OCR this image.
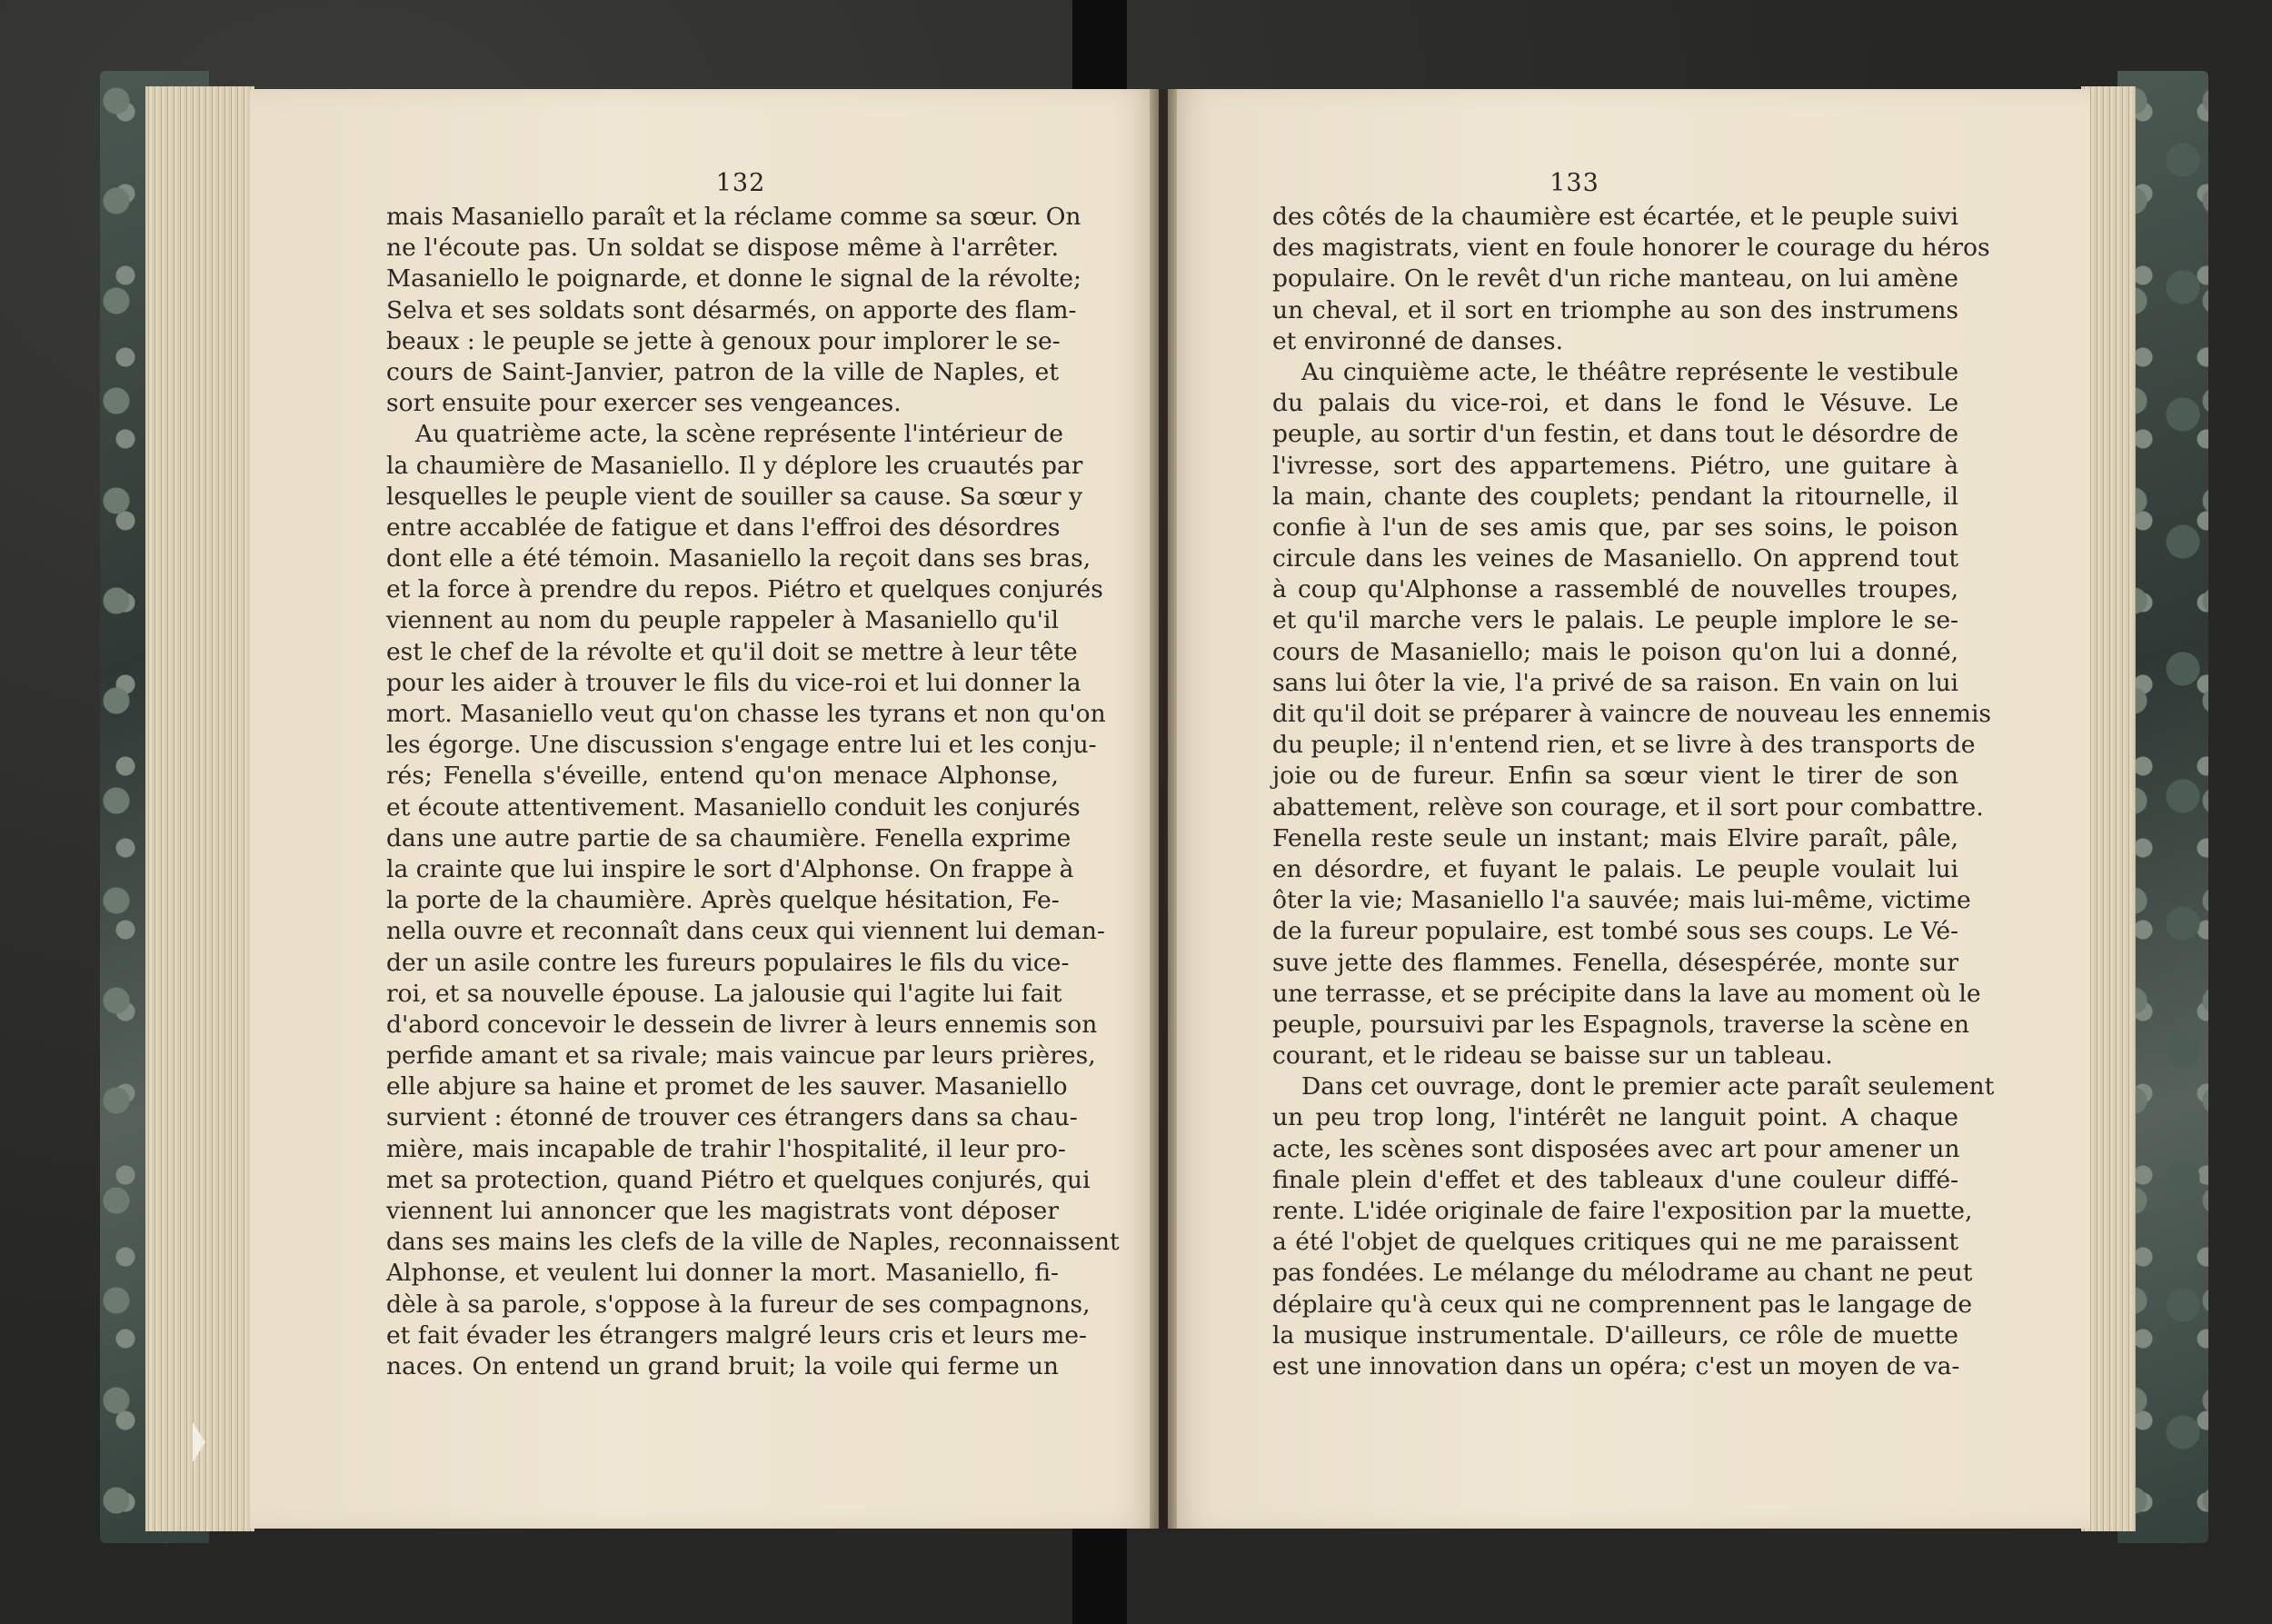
132
mais Masaniello paraît et la réclame comme sa sœur. On
ne l'écoute pas. Un soldat se dispose même à l'arrêter.
Masaniello le poignarde, et donne le signal de la révolte;
Selva et ses soldats sont désarmés, on apporte des flam-
beaux : le peuple se jette à genoux pour implorer le se-
cours de Saint-Janvier, patron de la ville de Naples, et
sort ensuite pour exercer ses vengeances.
Au quatrième acte, la scène représente l'intérieur de
la chaumière de Masaniello. Il y déplore les cruautés par
lesquelles le peuple vient de souiller sa cause. Sa sœur y
entre accablée de fatigue et dans l'effroi des désordres
dont elle a été témoin. Masaniello la reçoit dans ses bras,
et la force à prendre du repos. Piétro et quelques conjurés
viennent au nom du peuple rappeler à Masaniello qu'il
est le chef de la révolte et qu'il doit se mettre à leur tête
pour les aider à trouver le fils du vice-roi et lui donner la
mort. Masaniello veut qu'on chasse les tyrans et non qu'on
les égorge. Une discussion s'engage entre lui et les conju-
rés; Fenella s'éveille, entend qu'on menace Alphonse,
et écoute attentivement. Masaniello conduit les conjurés
dans une autre partie de sa chaumière. Fenella exprime
la crainte que lui inspire le sort d'Alphonse. On frappe à
la porte de la chaumière. Après quelque hésitation, Fe-
nella ouvre et reconnaît dans ceux qui viennent lui deman-
der un asile contre les fureurs populaires le fils du vice-
roi, et sa nouvelle épouse. La jalousie qui l'agite lui fait
d'abord concevoir le dessein de livrer à leurs ennemis son
perfide amant et sa rivale; mais vaincue par leurs prières,
elle abjure sa haine et promet de les sauver. Masaniello
survient : étonné de trouver ces étrangers dans sa chau-
mière, mais incapable de trahir l'hospitalité, il leur pro-
met sa protection, quand Piétro et quelques conjurés, qui
viennent lui annoncer que les magistrats vont déposer
dans ses mains les clefs de la ville de Naples, reconnaissent
Alphonse, et veulent lui donner la mort. Masaniello, fi-
dèle à sa parole, s'oppose à la fureur de ses compagnons,
et fait évader les étrangers malgré leurs cris et leurs me-
naces. On entend un grand bruit; la voile qui ferme un
133
des côtés de la chaumière est écartée, et le peuple suivi
des magistrats, vient en foule honorer le courage du héros
populaire. On le revêt d'un riche manteau, on lui amène
un cheval, et il sort en triomphe au son des instrumens
et environné de danses.
Au cinquième acte, le théâtre représente le vestibule
du palais du vice-roi, et dans le fond le Vésuve. Le
peuple, au sortir d'un festin, et dans tout le désordre de
l'ivresse, sort des appartemens. Piétro, une guitare à
la main, chante des couplets; pendant la ritournelle, il
confie à l'un de ses amis que, par ses soins, le poison
circule dans les veines de Masaniello. On apprend tout
à coup qu'Alphonse a rassemblé de nouvelles troupes,
et qu'il marche vers le palais. Le peuple implore le se-
cours de Masaniello; mais le poison qu'on lui a donné,
sans lui ôter la vie, l'a privé de sa raison. En vain on lui
dit qu'il doit se préparer à vaincre de nouveau les ennemis
du peuple; il n'entend rien, et se livre à des transports de
joie ou de fureur. Enfin sa sœur vient le tirer de son
abattement, relève son courage, et il sort pour combattre.
Fenella reste seule un instant; mais Elvire paraît, pâle,
en désordre, et fuyant le palais. Le peuple voulait lui
ôter la vie; Masaniello l'a sauvée; mais lui-même, victime
de la fureur populaire, est tombé sous ses coups. Le Vé-
suve jette des flammes. Fenella, désespérée, monte sur
une terrasse, et se précipite dans la lave au moment où le
peuple, poursuivi par les Espagnols, traverse la scène en
courant, et le rideau se baisse sur un tableau.
Dans cet ouvrage, dont le premier acte paraît seulement
un peu trop long, l'intérêt ne languit point. A chaque
acte, les scènes sont disposées avec art pour amener un
finale plein d'effet et des tableaux d'une couleur diffé-
rente. L'idée originale de faire l'exposition par la muette,
a été l'objet de quelques critiques qui ne me paraissent
pas fondées. Le mélange du mélodrame au chant ne peut
déplaire qu'à ceux qui ne comprennent pas le langage de
la musique instrumentale. D'ailleurs, ce rôle de muette
est une innovation dans un opéra; c'est un moyen de va-
